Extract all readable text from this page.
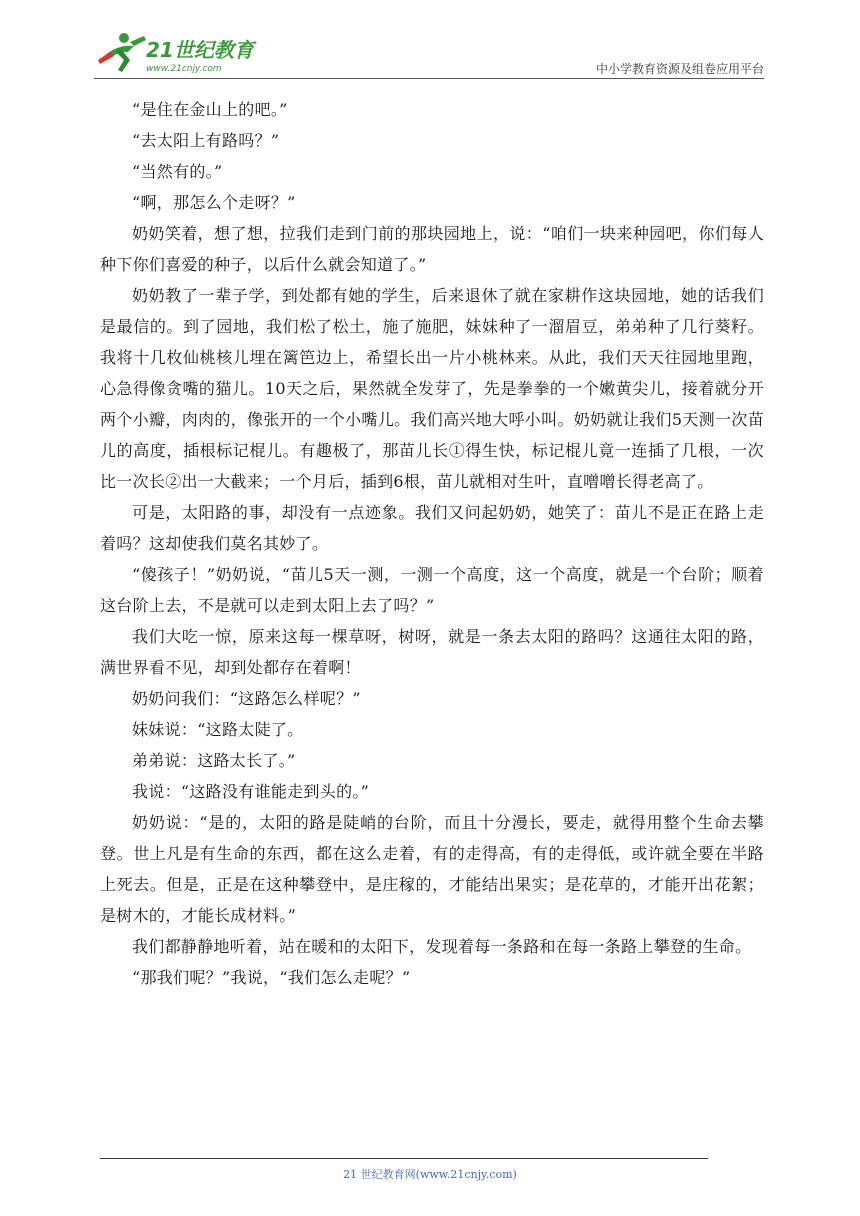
21世纪教育
www.21cnjy.com	中小学教育资源及组卷应用平台

“是住在金山上的吧。”

“去太阳上有路吗？”

“当然有的。”

“啊，那怎么个走呀？”

奶奶笑着，想了想，拉我们走到门前的那块园地上，说：“咱们一块来种园吧，你们每人种下你们喜爱的种子，以后什么就会知道了。”

奶奶教了一辈子学，到处都有她的学生，后来退休了就在家耕作这块园地，她的话我们是最信的。到了园地，我们松了松土，施了施肥，妹妹种了一溜眉豆，弟弟种了几行葵籽。我将十几枚仙桃核儿埋在篱笆边上，希望长出一片小桃林来。从此，我们天天往园地里跑，心急得像贪嘴的猫儿。10天之后，果然就全发芽了，先是拳拳的一个嫩黄尖儿，接着就分开两个小瓣，肉肉的，像张开的一个小嘴儿。我们高兴地大呼小叫。奶奶就让我们5天测一次苗儿的高度，插根标记棍儿。有趣极了，那苗儿长①得生快，标记棍儿竟一连插了几根，一次比一次长②出一大截来；一个月后，插到6根，苗儿就相对生叶，直噌噌长得老高了。

可是，太阳路的事，却没有一点迹象。我们又问起奶奶，她笑了：苗儿不是正在路上走着吗？这却使我们莫名其妙了。

“傻孩子！”奶奶说，“苗儿5天一测，一测一个高度，这一个高度，就是一个台阶；顺着这台阶上去，不是就可以走到太阳上去了吗？”

我们大吃一惊，原来这每一棵草呀，树呀，就是一条去太阳的路吗？这通往太阳的路，满世界看不见，却到处都存在着啊！

奶奶问我们：“这路怎么样呢？”

妹妹说：“这路太陡了。

弟弟说：这路太长了。”

我说：“这路没有谁能走到头的。”

奶奶说：“是的，太阳的路是陡峭的台阶，而且十分漫长，要走，就得用整个生命去攀登。世上凡是有生命的东西，都在这么走着，有的走得高，有的走得低，或许就全要在半路上死去。但是，正是在这种攀登中，是庄稼的，才能结出果实；是花草的，才能开出花絮；是树木的，才能长成材料。”

我们都静静地听着，站在暖和的太阳下，发现着每一条路和在每一条路上攀登的生命。

“那我们呢？”我说，“我们怎么走呢？”

21 世纪教育网(www.21cnjy.com)
